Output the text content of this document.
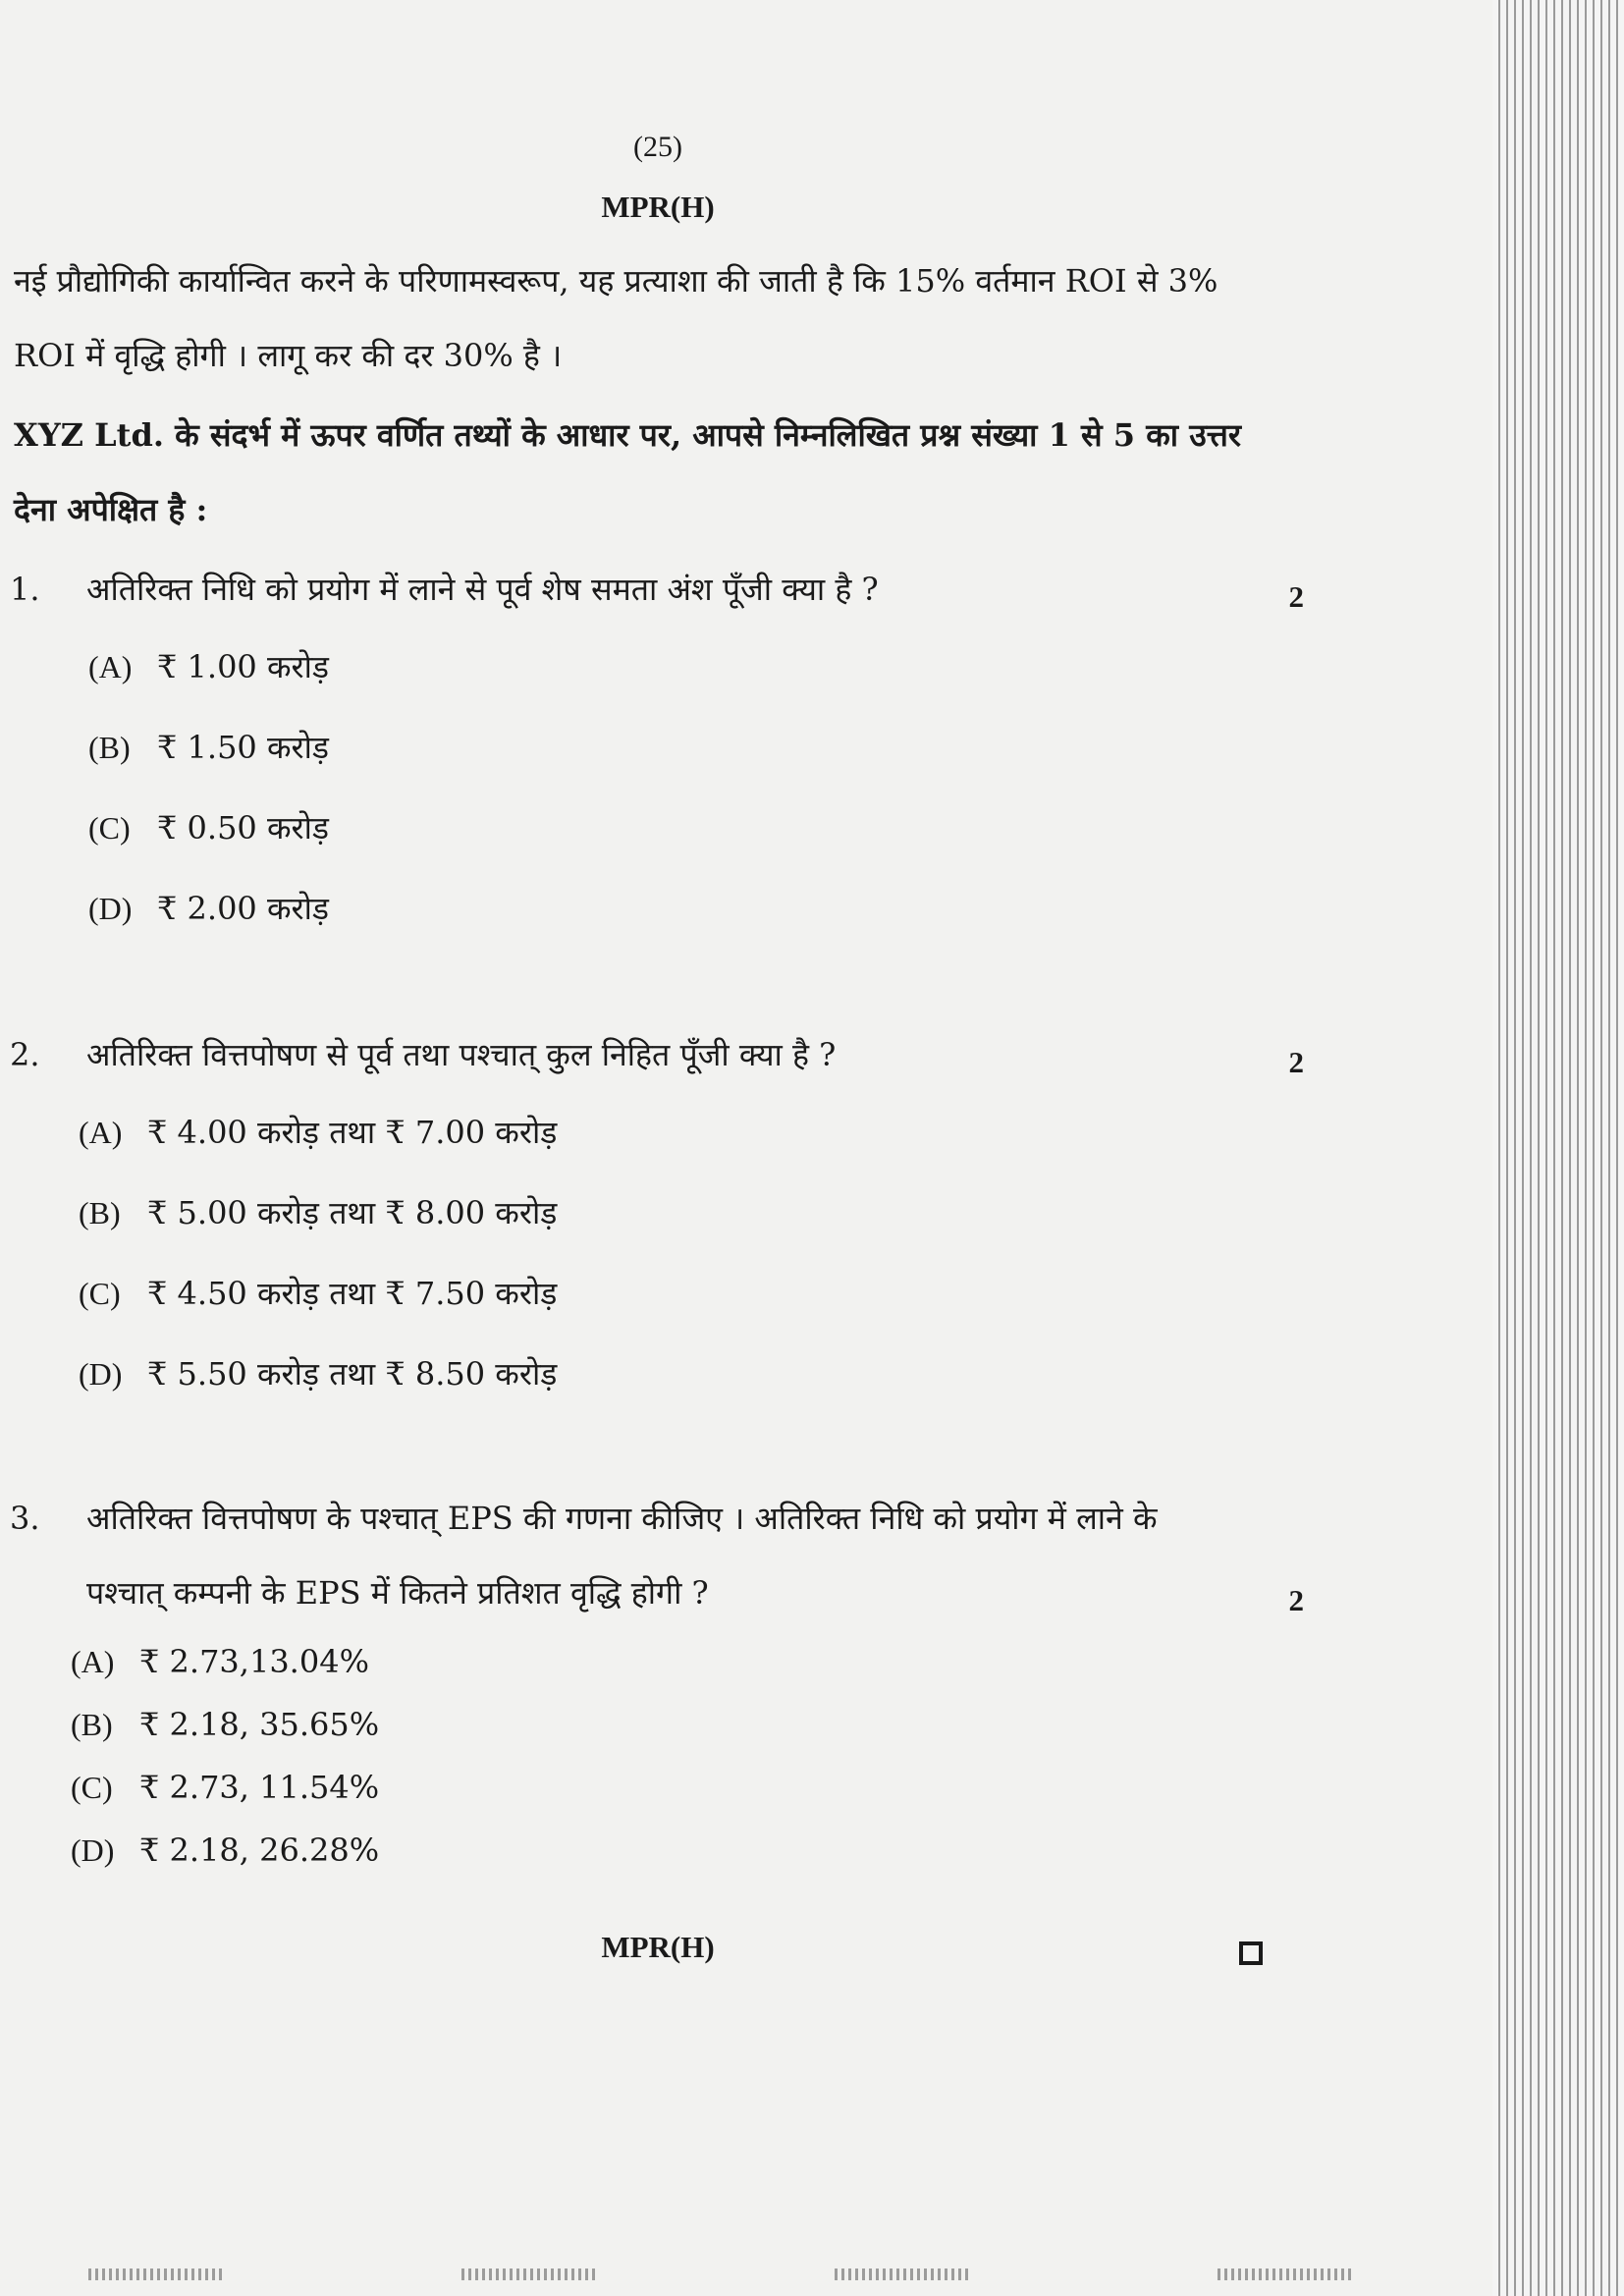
(25)
MPR(H)
नई प्रौद्योगिकी कार्यान्वित करने के परिणामस्वरूप, यह प्रत्याशा की जाती है कि 15% वर्तमान ROI से 3% ROI में वृद्धि होगी । लागू कर की दर 30% है ।
XYZ Ltd. के संदर्भ में ऊपर वर्णित तथ्यों के आधार पर, आपसे निम्नलिखित प्रश्न संख्या 1 से 5 का उत्तर देना अपेक्षित है :
1. अतिरिक्त निधि को प्रयोग में लाने से पूर्व शेष समता अंश पूँजी क्या है ?	2
(A) ₹ 1.00 करोड़
(B) ₹ 1.50 करोड़
(C) ₹ 0.50 करोड़
(D) ₹ 2.00 करोड़
2. अतिरिक्त वित्तपोषण से पूर्व तथा पश्चात् कुल निहित पूँजी क्या है ?	2
(A) ₹ 4.00 करोड़ तथा ₹ 7.00 करोड़
(B) ₹ 5.00 करोड़ तथा ₹ 8.00 करोड़
(C) ₹ 4.50 करोड़ तथा ₹ 7.50 करोड़
(D) ₹ 5.50 करोड़ तथा ₹ 8.50 करोड़
3. अतिरिक्त वित्तपोषण के पश्चात् EPS की गणना कीजिए । अतिरिक्त निधि को प्रयोग में लाने के पश्चात् कम्पनी के EPS में कितने प्रतिशत वृद्धि होगी ?	2
(A) ₹ 2.73,13.04%
(B) ₹ 2.18, 35.65%
(C) ₹ 2.73, 11.54%
(D) ₹ 2.18, 26.28%
MPR(H)
